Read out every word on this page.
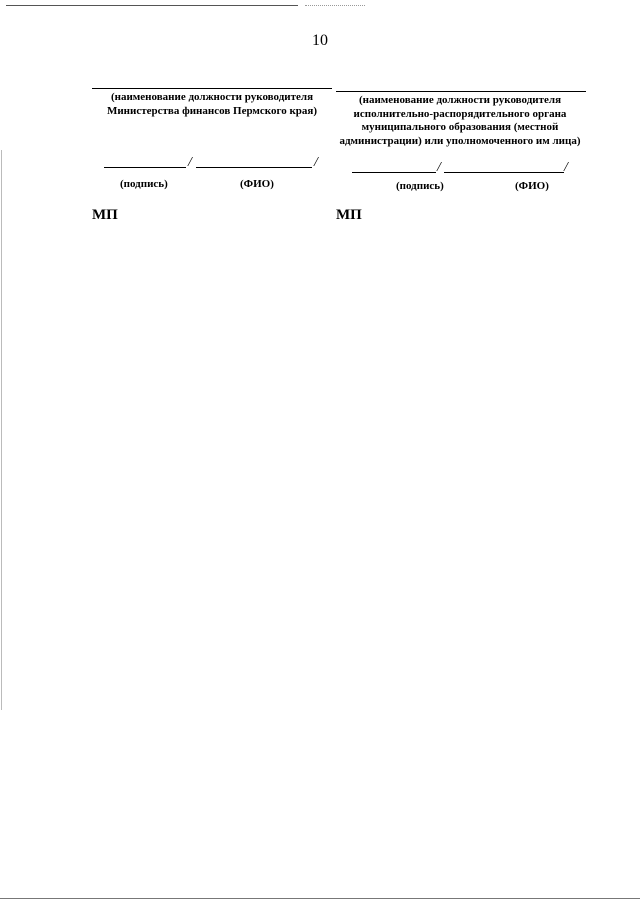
10
(наименование должности руководителя
Министерства финансов Пермского края)
/	/
(подпись)	(ФИО)
МП
(наименование должности руководителя
исполнительно-распорядительного органа
муниципального образования (местной
администрации) или уполномоченного им лица)
/	/
(подпись)	(ФИО)
МП
